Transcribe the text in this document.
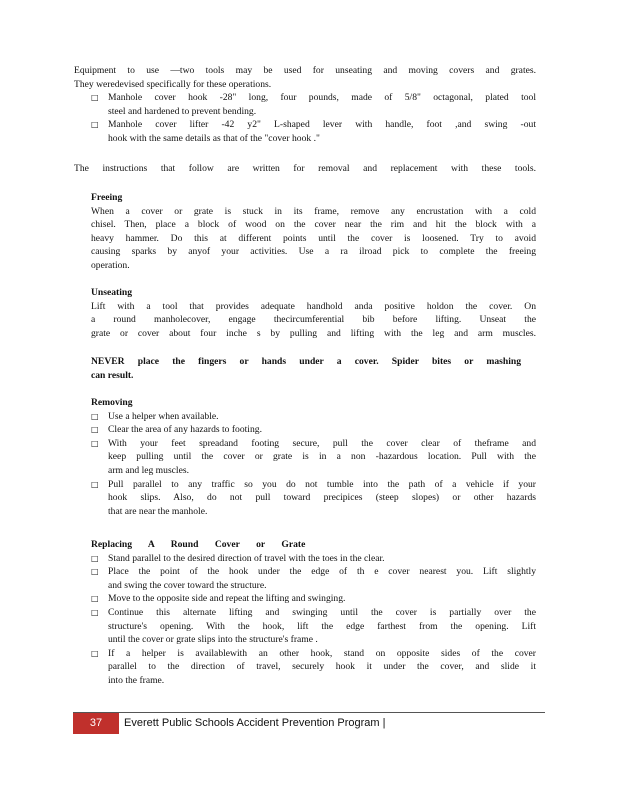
Equipment to use —two tools may be used for unseating and moving covers and grates.
They weredevised specifically for these operations.
□ Manhole cover hook -28" long, four pounds, made of 5/8" octagonal, plated tool
steel and hardened to prevent bending.
□ Manhole cover lifter -42 y2" L-shaped lever with handle, foot ,and swing -out
hook with the same details as that of the "cover hook ."
The instructions that follow are written for removal and replacement with these tools.
Freeing
When a cover or grate is stuck in its frame, remove any encrustation with a cold
chisel. Then, place a block of wood on the cover near the rim and hit the block with a
heavy hammer. Do this at different points until the cover is loosened. Try to avoid
causing sparks by anyof your activities. Use a ra ilroad pick to complete the freeing
operation.
Unseating
Lift with a tool that provides adequate handhold anda positive holdon the cover. On
a round manholecover, engage thecircumferential bib before lifting. Unseat the
grate or cover about four inche s by pulling and lifting with the leg and arm muscles.
NEVER place the fingers or hands under a cover. Spider bites or mashing
can result.
Removing
□ Use a helper when available.
□ Clear the area of any hazards to footing.
□ With your feet spreadand footing secure, pull the cover clear of theframe and
keep pulling until the cover or grate is in a non -hazardous location. Pull with the
arm and leg muscles.
□ Pull parallel to any traffic so you do not tumble into the path of a vehicle if your
hook slips. Also, do not pull toward precipices (steep slopes) or other hazards
that are near the manhole.
Replacing A Round Cover or Grate
□ Stand parallel to the desired direction of travel with the toes in the clear.
□ Place the point of the hook under the edge of th e cover nearest you. Lift slightly
and swing the cover toward the structure.
□ Move to the opposite side and repeat the lifting and swinging.
□ Continue this alternate lifting and swinging until the cover is partially over the
structure's opening. With the hook, lift the edge farthest from the opening. Lift
until the cover or grate slips into the structure's frame .
□ If a helper is availablewith an other hook, stand on opposite sides of the cover
parallel to the direction of travel, securely hook it under the cover, and slide it
into the frame.
37	Everett Public Schools Accident Prevention Program |
